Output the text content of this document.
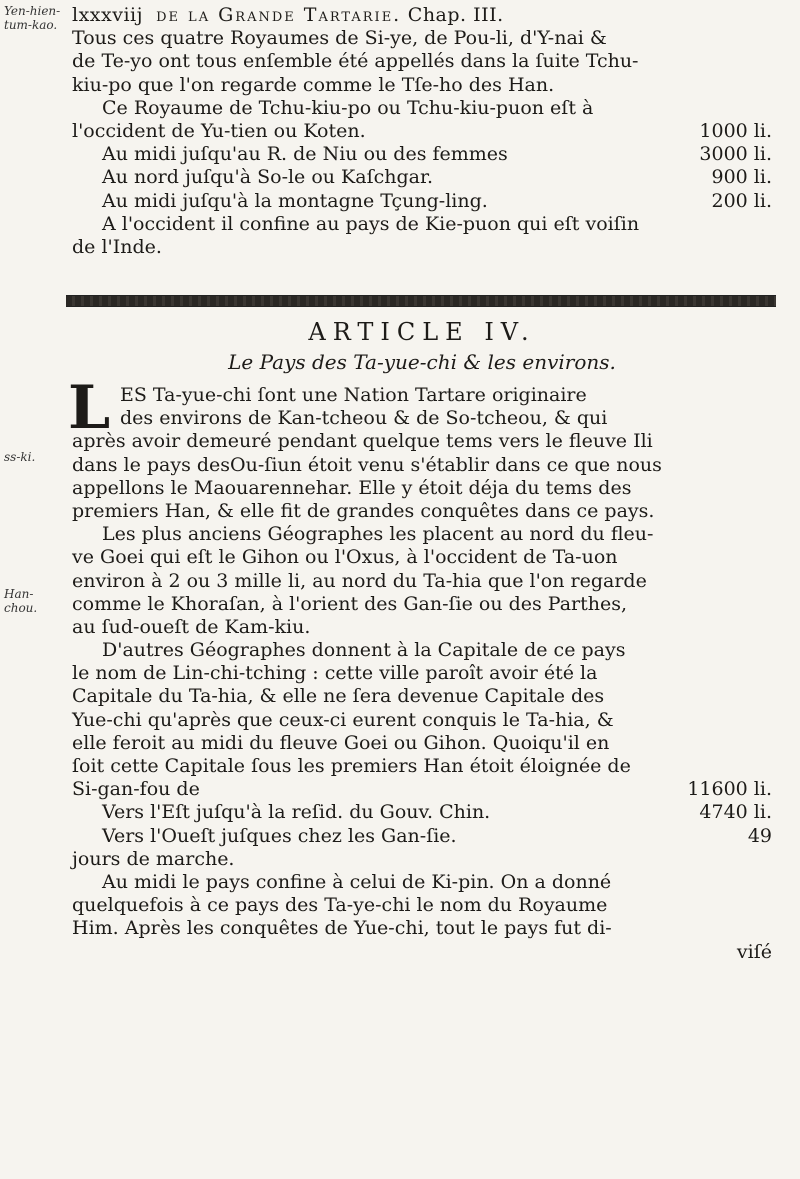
Yen-hien-tum-kao.
ss-ki.
Han-chou.
lxxxviij de la Grande Tartarie. Chap. III.
Tous ces quatre Royaumes de Si-ye, de Pou-li, d'Y-nai &
de Te-yo ont tous enſemble été appellés dans la ſuite Tchu-
kiu-po que l'on regarde comme le Tſe-ho des Han.
Ce Royaume de Tchu-kiu-po ou Tchu-kiu-puon eſt à
l'occident de Yu-tien ou Koten.	1000 li.
Au midi juſqu'au R. de Niu ou des femmes	3000 li.
Au nord juſqu'à So-le ou Kaſchgar.	900 li.
Au midi juſqu'à la montagne Tçung-ling.	200 li.
A l'occident il confine au pays de Kie-puon qui eſt voiſin
de l'Inde.
ARTICLE IV.
Le Pays des Ta-yue-chi & les environs.
L ES Ta-yue-chi ſont une Nation Tartare originaire
des environs de Kan-tcheou & de So-tcheou, & qui
après avoir demeuré pendant quelque tems vers le fleuve Ili
dans le pays desOu-ſiun étoit venu s'établir dans ce que nous
appellons le Maouarennehar. Elle y étoit déja du tems des
premiers Han, & elle fit de grandes conquêtes dans ce pays.
Les plus anciens Géographes les placent au nord du fleu-
ve Goei qui eſt le Gihon ou l'Oxus, à l'occident de Ta-uon
environ à 2 ou 3 mille li, au nord du Ta-hia que l'on regarde
comme le Khoraſan, à l'orient des Gan-ſie ou des Parthes,
au ſud-oueſt de Kam-kiu.
D'autres Géographes donnent à la Capitale de ce pays
le nom de Lin-chi-tching : cette ville paroît avoir été la
Capitale du Ta-hia, & elle ne ſera devenue Capitale des
Yue-chi qu'après que ceux-ci eurent conquis le Ta-hia, &
elle feroit au midi du fleuve Goei ou Gihon. Quoiqu'il en
ſoit cette Capitale ſous les premiers Han étoit éloignée de
Si-gan-fou de	11600 li.
Vers l'Eſt juſqu'à la reſid. du Gouv. Chin.	4740 li.
Vers l'Oueſt juſques chez les Gan-ſie.	49
jours de marche.
Au midi le pays confine à celui de Ki-pin. On a donné
quelquefois à ce pays des Ta-ye-chi le nom du Royaume
Him. Après les conquêtes de Yue-chi, tout le pays fut di-
viſé
